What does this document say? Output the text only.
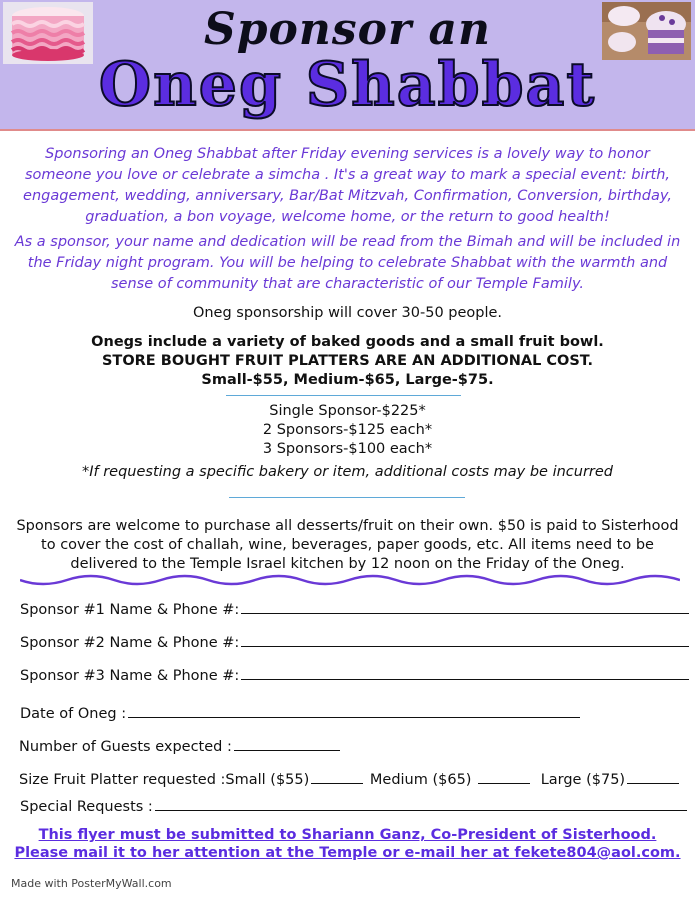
Sponsor an
Oneg Shabbat
Sponsoring an Oneg Shabbat after Friday evening services is a lovely way to honor someone you love or celebrate a simcha . It's a great way to mark a special event: birth, engagement, wedding, anniversary, Bar/Bat Mitzvah, Confirmation, Conversion, birthday, graduation, a bon voyage, welcome home, or the return to good health!
As a sponsor, your name and dedication will be read from the Bimah and will be included in the Friday night program. You will be helping to celebrate Shabbat with the warmth and sense of community that are characteristic of our Temple Family.
Oneg sponsorship will cover 30-50 people.
Onegs include a variety of baked goods and a small fruit bowl.
STORE BOUGHT FRUIT PLATTERS ARE AN ADDITIONAL COST.
Small-$55, Medium-$65, Large-$75.
Single Sponsor-$225*
2 Sponsors-$125 each*
3 Sponsors-$100 each*
*If requesting a specific bakery or item, additional costs may be incurred
Sponsors are welcome to purchase all desserts/fruit on their own. $50 is paid to Sisterhood to cover the cost of challah, wine, beverages, paper goods, etc. All items need to be delivered to the Temple Israel kitchen by 12 noon on the Friday of the Oneg.
Sponsor #1 Name & Phone #:
Sponsor #2 Name & Phone #:
Sponsor #3 Name & Phone #:
Date of Oneg :
Number of Guests expected :
Size Fruit Platter requested :Small ($55)	Medium ($65)	Large ($75)
Special Requests :
This flyer must be submitted to Shariann Ganz, Co-President of Sisterhood.
Please mail it to her attention at the Temple or e-mail her at fekete804@aol.com.
Made with PosterMyWall.com
